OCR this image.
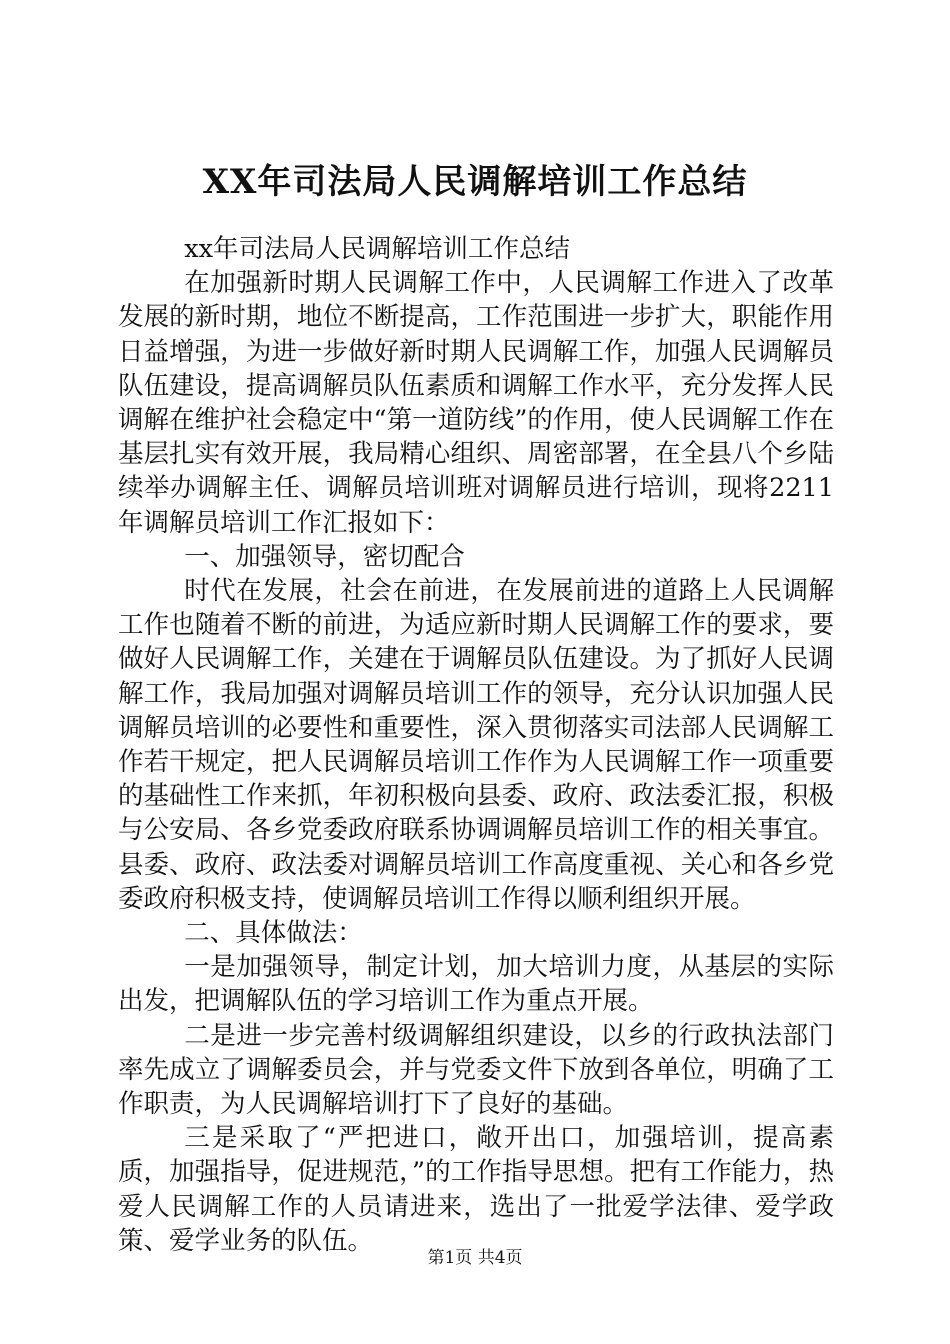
XX年司法局人民调解培训工作总结

xx年司法局人民调解培训工作总结

在加强新时期人民调解工作中，人民调解工作进入了改革发展的新时期，地位不断提高，工作范围进一步扩大，职能作用日益增强，为进一步做好新时期人民调解工作，加强人民调解员队伍建设，提高调解员队伍素质和调解工作水平，充分发挥人民调解在维护社会稳定中“第一道防线”的作用，使人民调解工作在基层扎实有效开展，我局精心组织、周密部署，在全县八个乡陆续举办调解主任、调解员培训班对调解员进行培训，现将2211年调解员培训工作汇报如下：

一、加强领导，密切配合

时代在发展，社会在前进，在发展前进的道路上人民调解工作也随着不断的前进，为适应新时期人民调解工作的要求，要做好人民调解工作，关建在于调解员队伍建设。为了抓好人民调解工作，我局加强对调解员培训工作的领导，充分认识加强人民调解员培训的必要性和重要性，深入贯彻落实司法部人民调解工作若干规定，把人民调解员培训工作作为人民调解工作一项重要的基础性工作来抓，年初积极向县委、政府、政法委汇报，积极与公安局、各乡党委政府联系协调调解员培训工作的相关事宜。县委、政府、政法委对调解员培训工作高度重视、关心和各乡党委政府积极支持，使调解员培训工作得以顺利组织开展。

二、具体做法：

一是加强领导，制定计划，加大培训力度，从基层的实际出发，把调解队伍的学习培训工作为重点开展。

二是进一步完善村级调解组织建设，以乡的行政执法部门率先成立了调解委员会，并与党委文件下放到各单位，明确了工作职责，为人民调解培训打下了良好的基础。

三是采取了“严把进口，敞开出口，加强培训，提高素质，加强指导，促进规范，”的工作指导思想。把有工作能力，热爱人民调解工作的人员请进来，选出了一批爱学法律、爱学政策、爱学业务的队伍。

第1页 共4页
